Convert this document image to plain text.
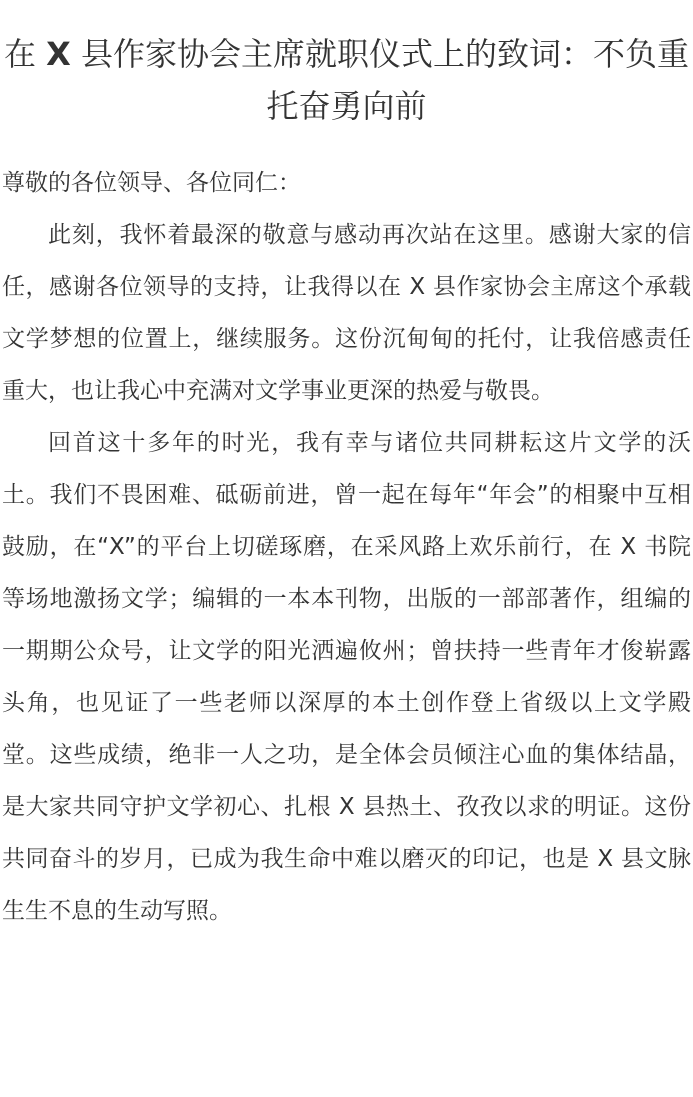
在 X 县作家协会主席就职仪式上的致词：不负重托奋勇向前

尊敬的各位领导、各位同仁：

此刻，我怀着最深的敬意与感动再次站在这里。感谢大家的信任，感谢各位领导的支持，让我得以在 X 县作家协会主席这个承载文学梦想的位置上，继续服务。这份沉甸甸的托付，让我倍感责任重大，也让我心中充满对文学事业更深的热爱与敬畏。

回首这十多年的时光，我有幸与诸位共同耕耘这片文学的沃土。我们不畏困难、砥砺前进，曾一起在每年“年会”的相聚中互相鼓励，在“X”的平台上切磋琢磨，在采风路上欢乐前行，在 X 书院等场地激扬文学；编辑的一本本刊物，出版的一部部著作，组编的一期期公众号，让文学的阳光洒遍攸州；曾扶持一些青年才俊崭露头角，也见证了一些老师以深厚的本土创作登上省级以上文学殿堂。这些成绩，绝非一人之功，是全体会员倾注心血的集体结晶，是大家共同守护文学初心、扎根 X 县热土、孜孜以求的明证。这份共同奋斗的岁月，已成为我生命中难以磨灭的印记，也是 X 县文脉生生不息的生动写照。
